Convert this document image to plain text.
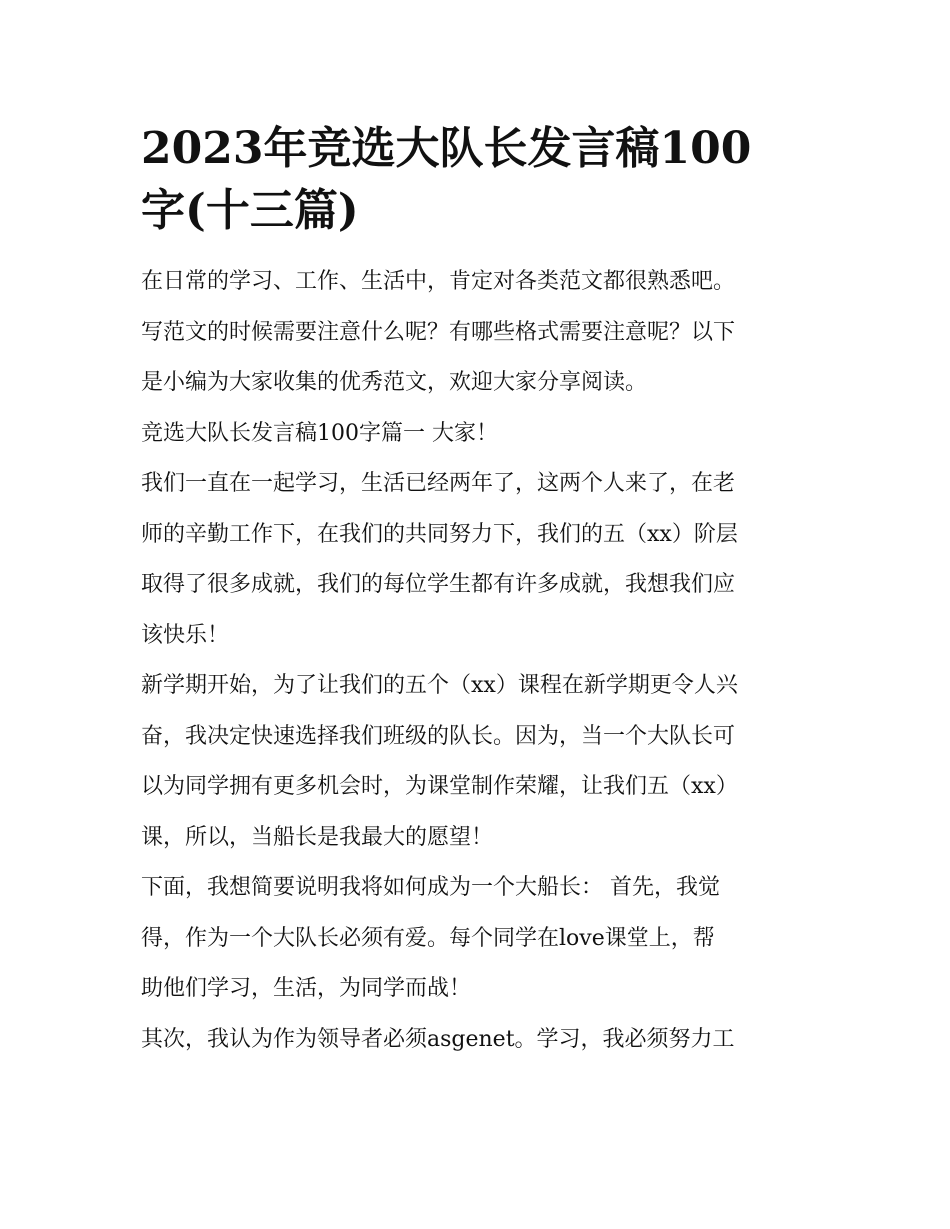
2023年竞选大队长发言稿100
字(十三篇)

在日常的学习、工作、生活中，肯定对各类范文都很熟悉吧。
写范文的时候需要注意什么呢？有哪些格式需要注意呢？以下
是小编为大家收集的优秀范文，欢迎大家分享阅读。

竞选大队长发言稿100字篇一 大家！

我们一直在一起学习，生活已经两年了，这两个人来了，在老
师的辛勤工作下，在我们的共同努力下，我们的五（xx）阶层
取得了很多成就，我们的每位学生都有许多成就，我想我们应
该快乐！

新学期开始，为了让我们的五个（xx）课程在新学期更令人兴
奋，我决定快速选择我们班级的队长。因为，当一个大队长可
以为同学拥有更多机会时，为课堂制作荣耀，让我们五（xx）
课，所以，当船长是我最大的愿望！

下面，我想简要说明我将如何成为一个大船长： 首先，我觉
得，作为一个大队长必须有爱。每个同学在love课堂上，帮
助他们学习，生活，为同学而战！

其次，我认为作为领导者必须asgenet。学习，我必须努力工
